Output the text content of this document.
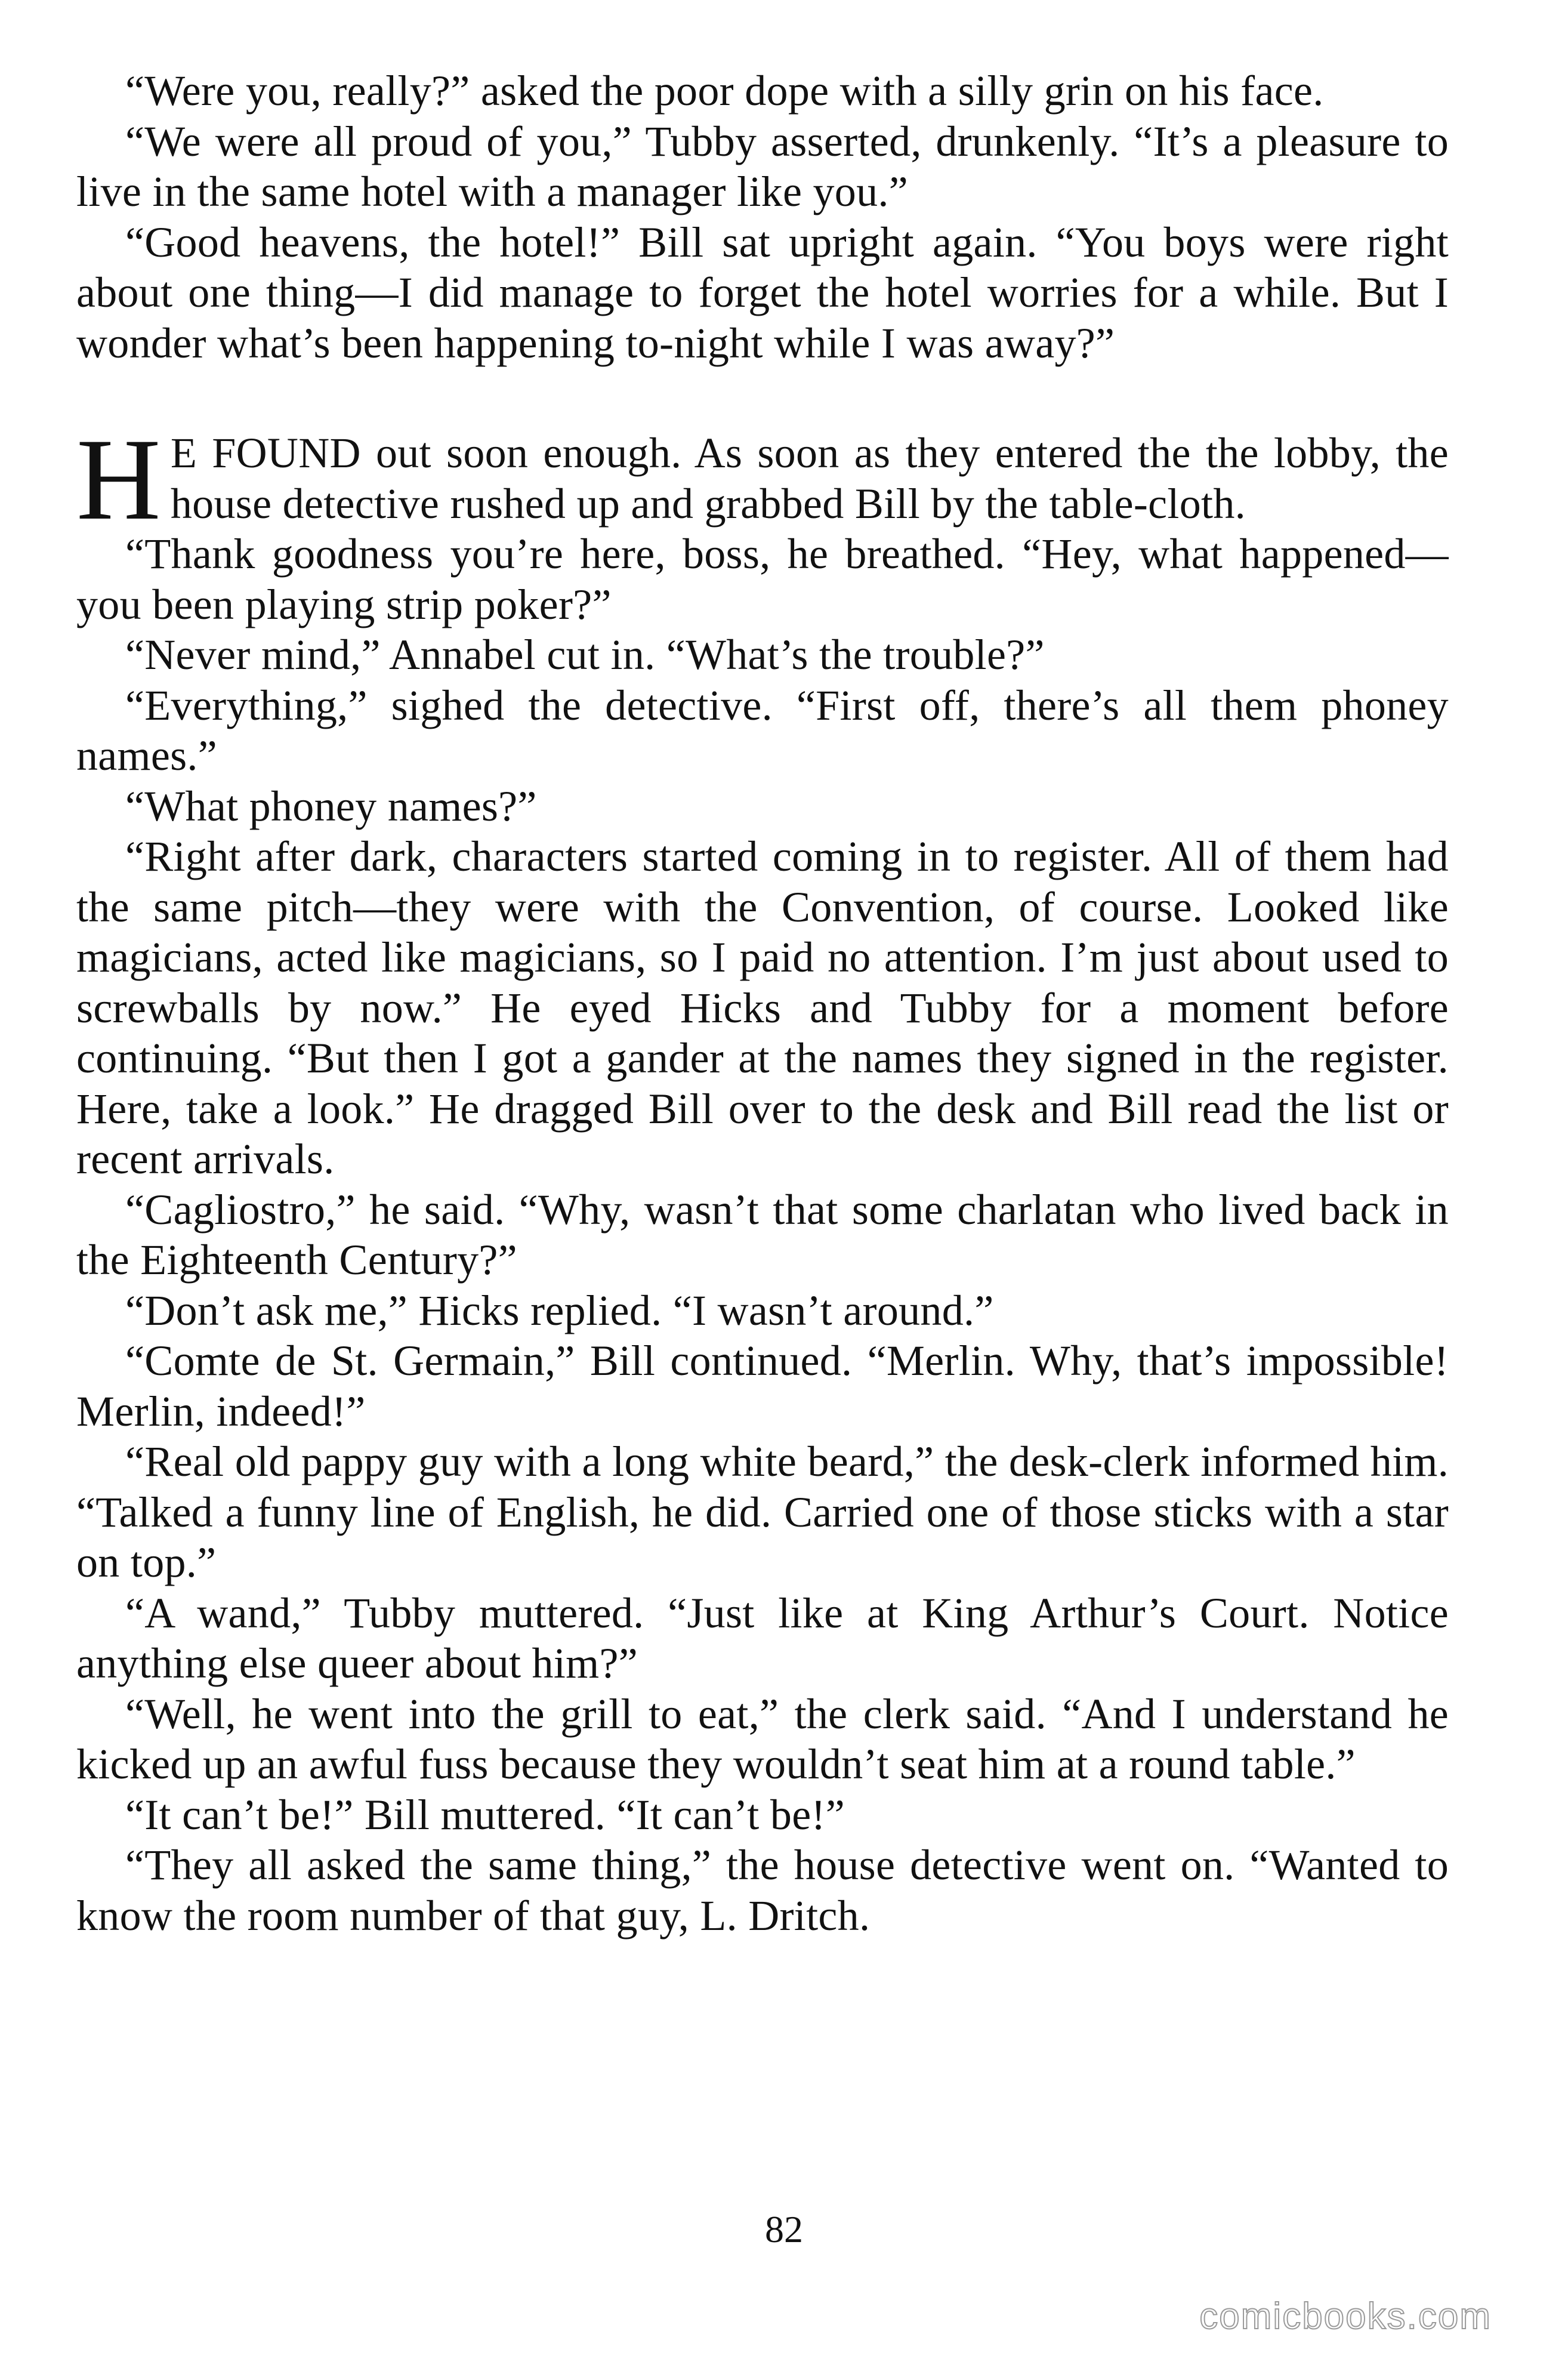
“Were you, really?” asked the poor dope with a silly grin on his face.

“We were all proud of you,” Tubby asserted, drunkenly. “It’s a pleasure to live in the same hotel with a manager like you.”

“Good heavens, the hotel!” Bill sat upright again. “You boys were right about one thing—I did manage to forget the hotel worries for a while. But I wonder what’s been happening to-night while I was away?”

H E FOUND out soon enough. As soon as they entered the the lobby, the house detective rushed up and grabbed Bill by the table-cloth.

“Thank goodness you’re here, boss, he breathed. “Hey, what happened— you been playing strip poker?”

“Never mind,” Annabel cut in. “What’s the trouble?”

“Everything,” sighed the detective. “First off, there’s all them phoney names.”

“What phoney names?”

“Right after dark, characters started coming in to register. All of them had the same pitch—they were with the Convention, of course. Looked like magicians, acted like magicians, so I paid no attention. I’m just about used to screwballs by now.” He eyed Hicks and Tubby for a moment before continuing. “But then I got a gander at the names they signed in the register. Here, take a look.” He dragged Bill over to the desk and Bill read the list or recent arrivals.

“Cagliostro,” he said. “Why, wasn’t that some charlatan who lived back in the Eighteenth Century?”

“Don’t ask me,” Hicks replied. “I wasn’t around.”

“Comte de St. Germain,” Bill continued. “Merlin. Why, that’s impossible! Merlin, indeed!”

“Real old pappy guy with a long white beard,” the desk-clerk informed him. “Talked a funny line of English, he did. Carried one of those sticks with a star on top.”

“A wand,” Tubby muttered. “Just like at King Arthur’s Court. Notice anything else queer about him?”

“Well, he went into the grill to eat,” the clerk said. “And I understand he kicked up an awful fuss because they wouldn’t seat him at a round table.”

“It can’t be!” Bill muttered. “It can’t be!”

“They all asked the same thing,” the house detective went on. “Wanted to know the room number of that guy, L. Dritch.

82
comicbooks.com
